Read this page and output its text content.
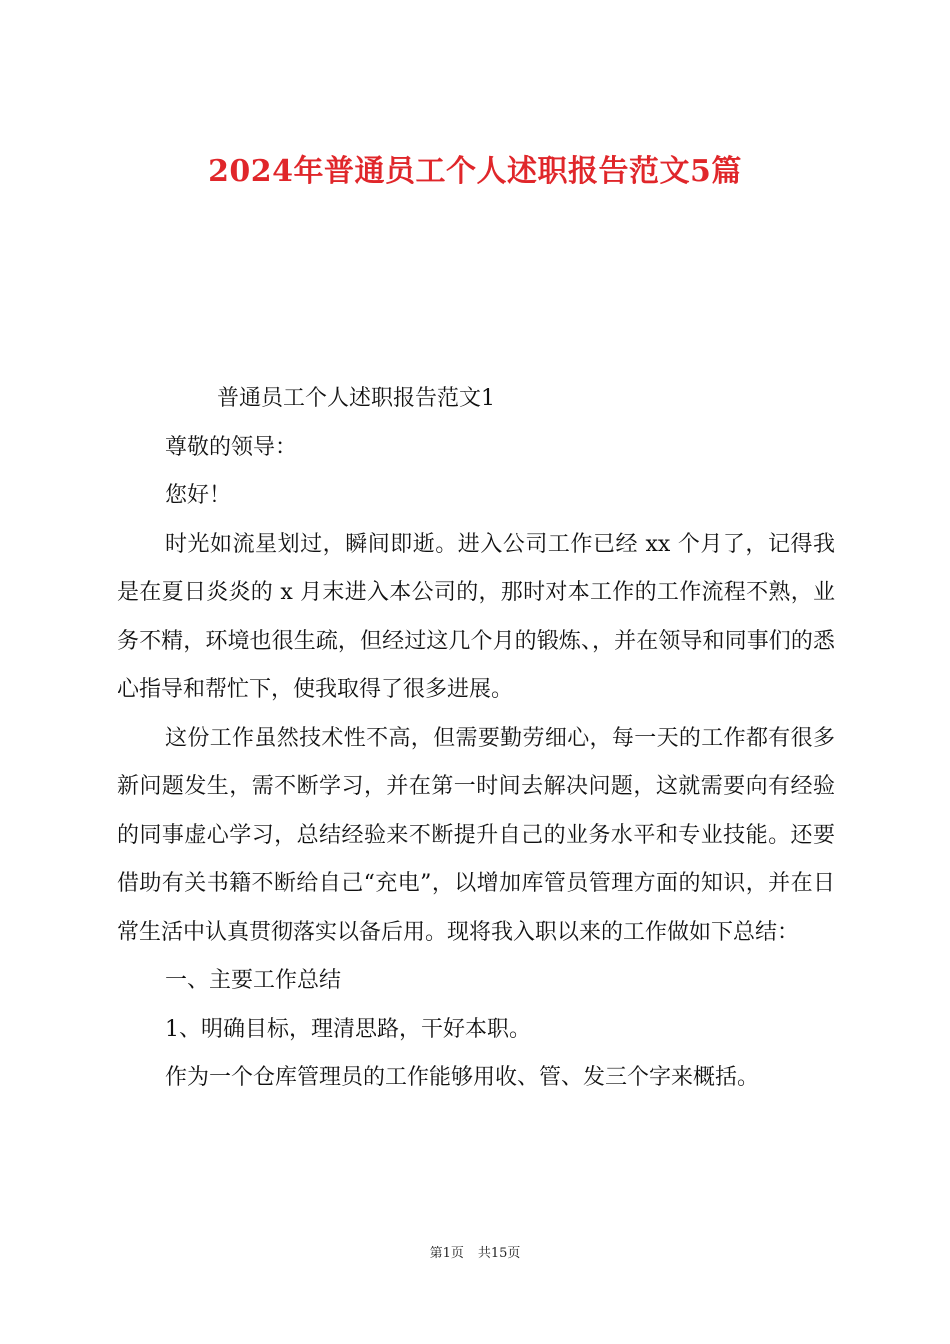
2024年普通员工个人述职报告范文5篇

普通员工个人述职报告范文1

尊敬的领导：

您好！

时光如流星划过，瞬间即逝。进入公司工作已经 xx 个月了，记得我是在夏日炎炎的 x 月末进入本公司的，那时对本工作的工作流程不熟，业务不精，环境也很生疏，但经过这几个月的锻炼、，并在领导和同事们的悉心指导和帮忙下，使我取得了很多进展。

这份工作虽然技术性不高，但需要勤劳细心，每一天的工作都有很多新问题发生，需不断学习，并在第一时间去解决问题，这就需要向有经验的同事虚心学习，总结经验来不断提升自己的业务水平和专业技能。还要借助有关书籍不断给自己“充电”，以增加库管员管理方面的知识，并在日常生活中认真贯彻落实以备后用。现将我入职以来的工作做如下总结：

一、主要工作总结

1、明确目标，理清思路，干好本职。

作为一个仓库管理员的工作能够用收、管、发三个字来概括。

第1页 共15页
